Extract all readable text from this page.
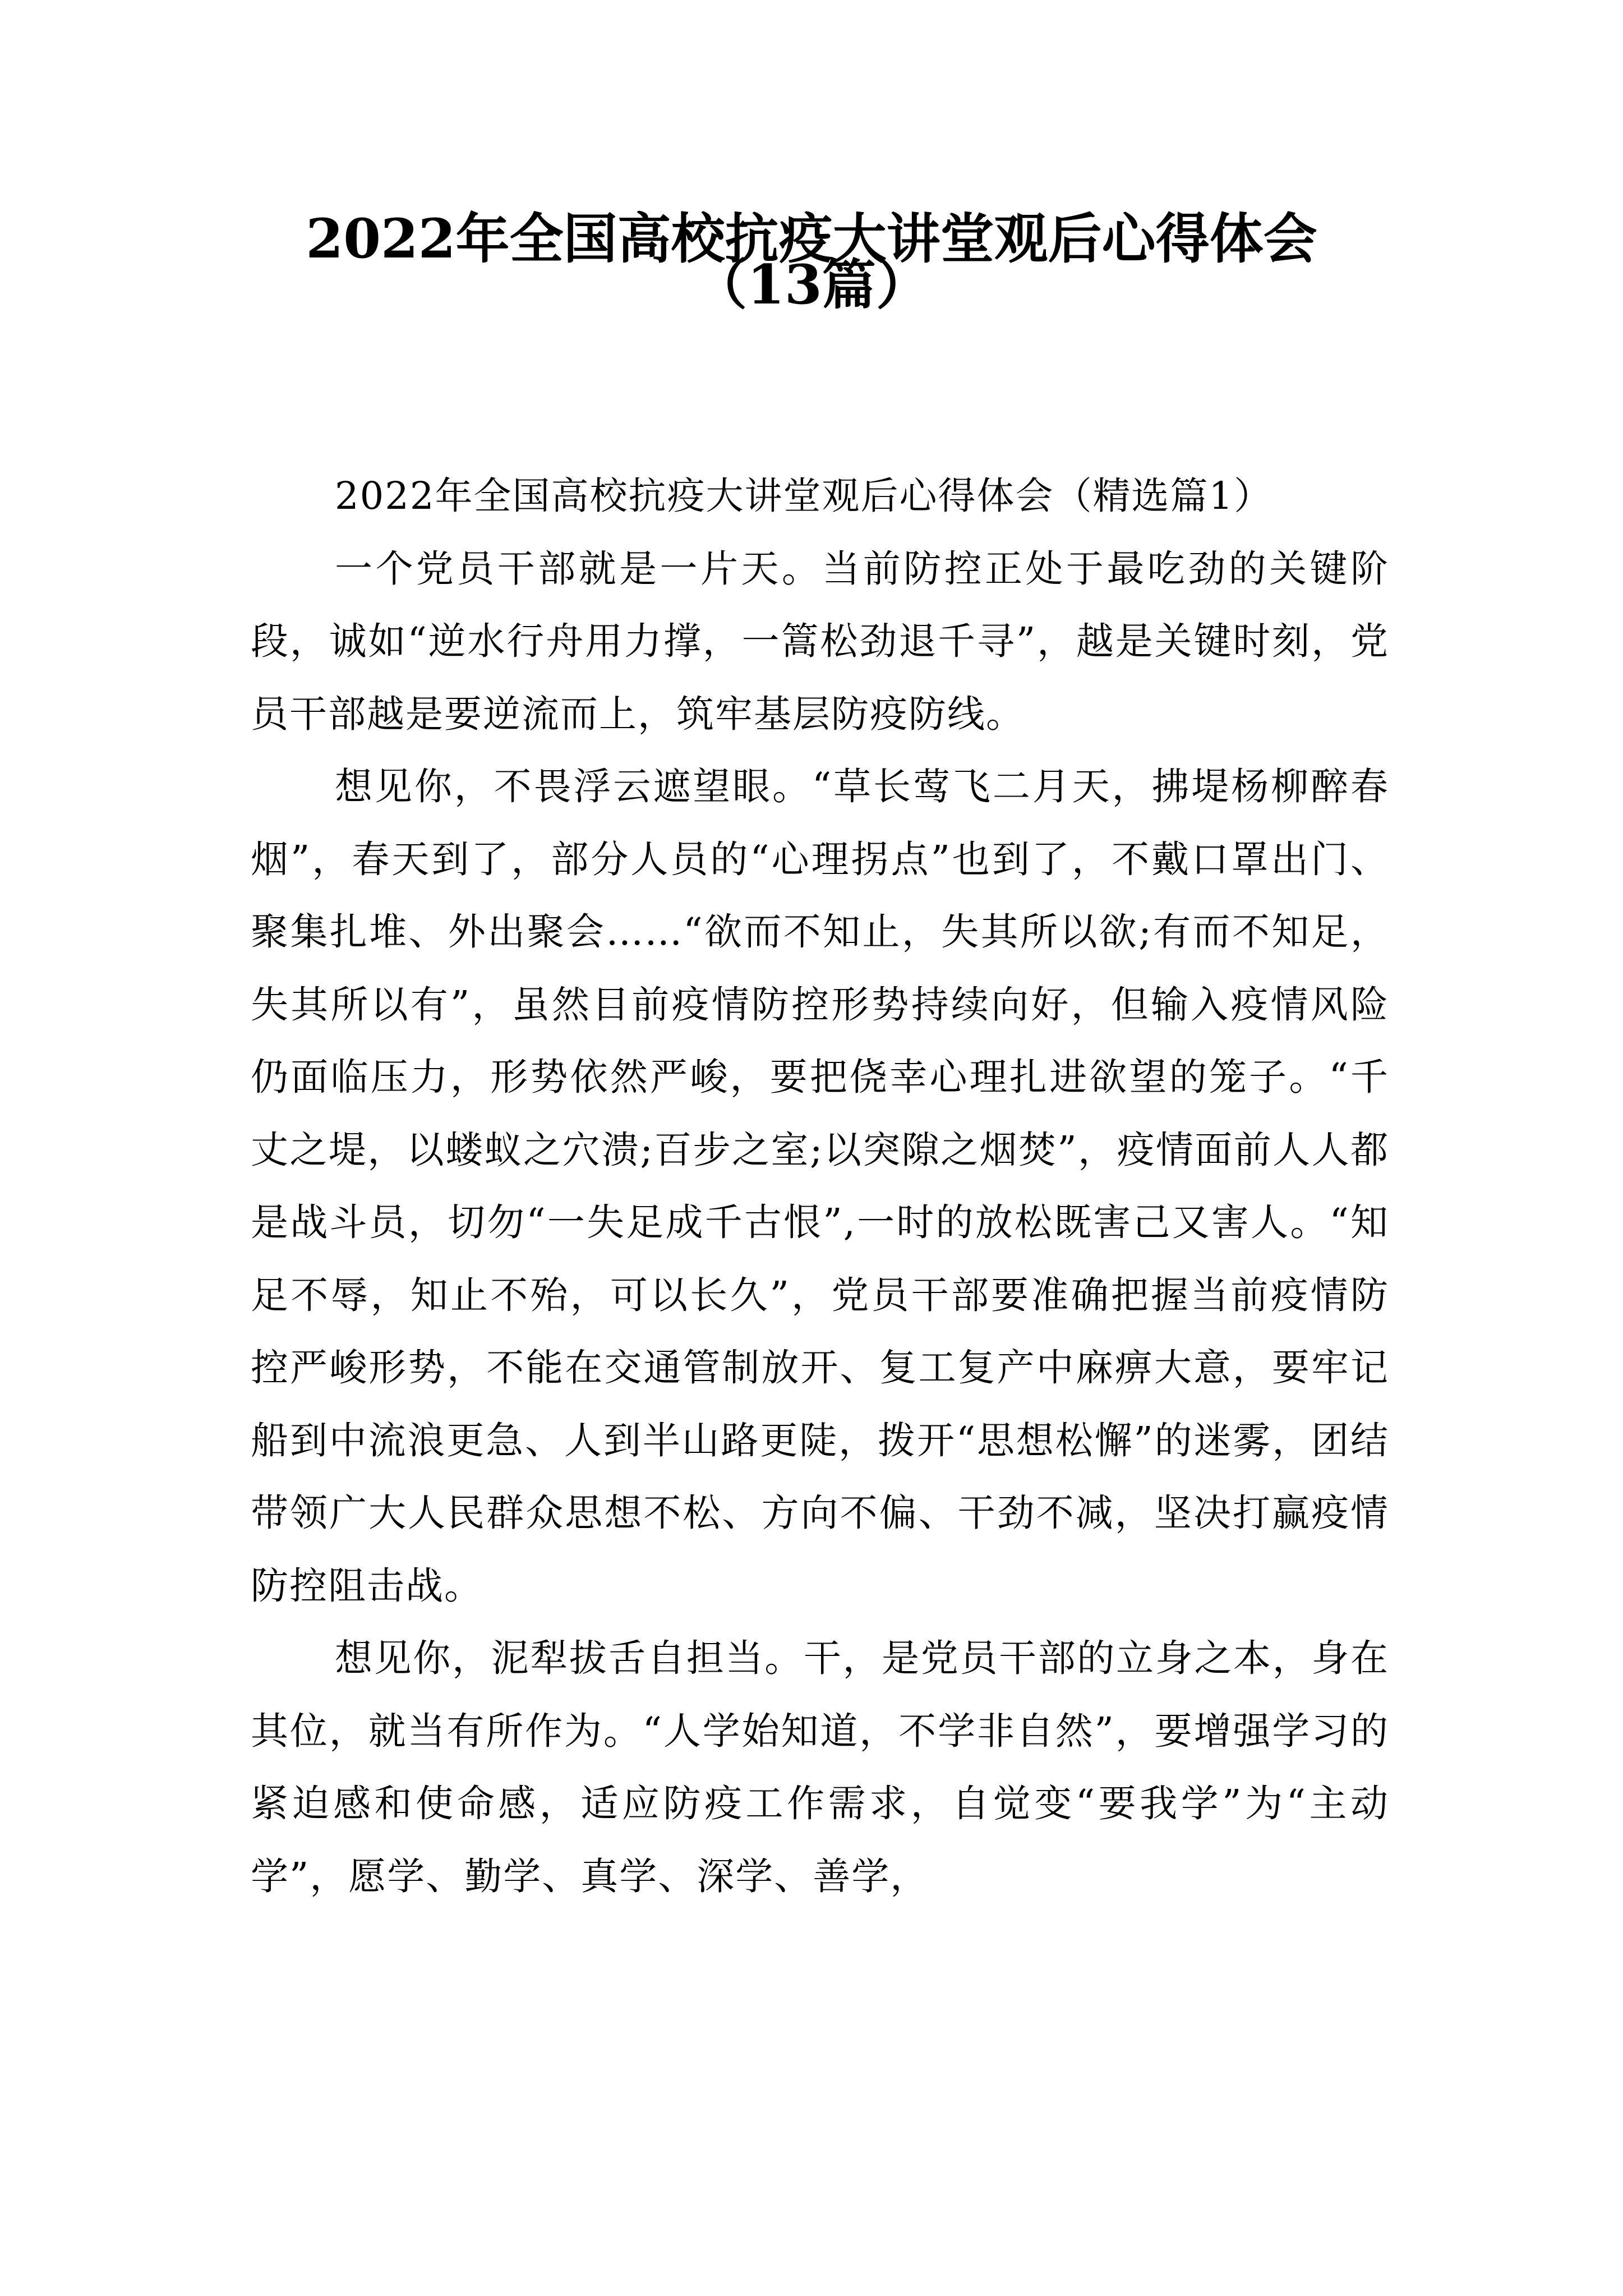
2022年全国高校抗疫大讲堂观后心得体会
（13篇）

2022年全国高校抗疫大讲堂观后心得体会（精选篇1）

一个党员干部就是一片天。当前防控正处于最吃劲的关键阶段，诚如“逆水行舟用力撑，一篙松劲退千寻”，越是关键时刻，党员干部越是要逆流而上，筑牢基层防疫防线。

想见你，不畏浮云遮望眼。“草长莺飞二月天，拂堤杨柳醉春烟”，春天到了，部分人员的“心理拐点”也到了，不戴口罩出门、聚集扎堆、外出聚会……“欲而不知止，失其所以欲;有而不知足，失其所以有”，虽然目前疫情防控形势持续向好，但输入疫情风险仍面临压力，形势依然严峻，要把侥幸心理扎进欲望的笼子。“千丈之堤，以蝼蚁之穴溃;百步之室;以突隙之烟焚”，疫情面前人人都是战斗员，切勿“一失足成千古恨”,一时的放松既害己又害人。“知足不辱，知止不殆，可以长久”，党员干部要准确把握当前疫情防控严峻形势，不能在交通管制放开、复工复产中麻痹大意，要牢记船到中流浪更急、人到半山路更陡，拨开“思想松懈”的迷雾，团结带领广大人民群众思想不松、方向不偏、干劲不减，坚决打赢疫情防控阻击战。

想见你，泥犁拔舌自担当。干，是党员干部的立身之本，身在其位，就当有所作为。“人学始知道，不学非自然”，要增强学习的紧迫感和使命感，适应防疫工作需求，自觉变“要我学”为“主动学”，愿学、勤学、真学、深学、善学，
